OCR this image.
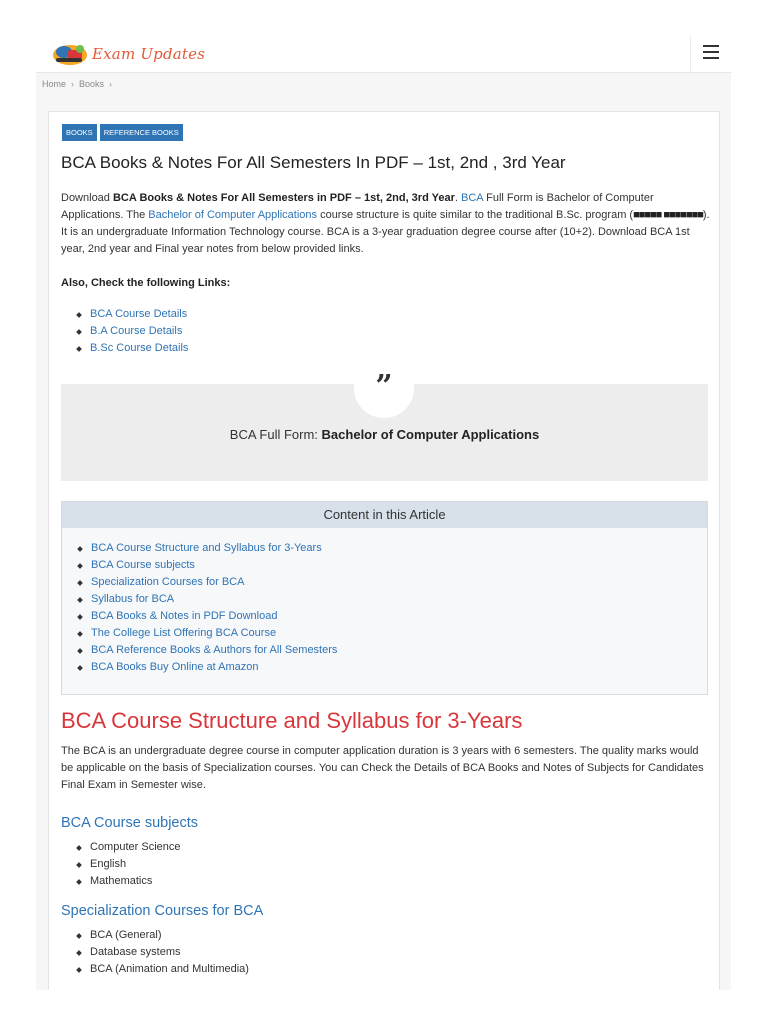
Exam Updates
Home › Books ›
BOOKS	REFERENCE BOOKS
BCA Books & Notes For All Semesters In PDF – 1st, 2nd , 3rd Year

Download BCA Books & Notes For All Semesters in PDF – 1st, 2nd, 3rd Year. BCA Full Form is Bachelor of Computer Applications. The Bachelor of Computer Applications course structure is quite similar to the traditional B.Sc. program (■■■■■ ■■■■■■■). It is an undergraduate Information Technology course. BCA is a 3-year graduation degree course after (10+2). Download BCA 1st year, 2nd year and Final year notes from below provided links.

Also, Check the following Links:
BCA Course Details
B.A Course Details
B.Sc Course Details
”
BCA Full Form: Bachelor of Computer Applications
Content in this Article
BCA Course Structure and Syllabus for 3-Years
BCA Course subjects
Specialization Courses for BCA
Syllabus for BCA
BCA Books & Notes in PDF Download
The College List Offering BCA Course
BCA Reference Books & Authors for All Semesters
BCA Books Buy Online at Amazon
BCA Course Structure and Syllabus for 3-Years

The BCA is an undergraduate degree course in computer application duration is 3 years with 6 semesters. The quality marks would be applicable on the basis of Specialization courses. You can Check the Details of BCA Books and Notes of Subjects for Candidates Final Exam in Semester wise.

BCA Course subjects
Computer Science
English
Mathematics
Specialization Courses for BCA
BCA (General)
Database systems
BCA (Animation and Multimedia)
